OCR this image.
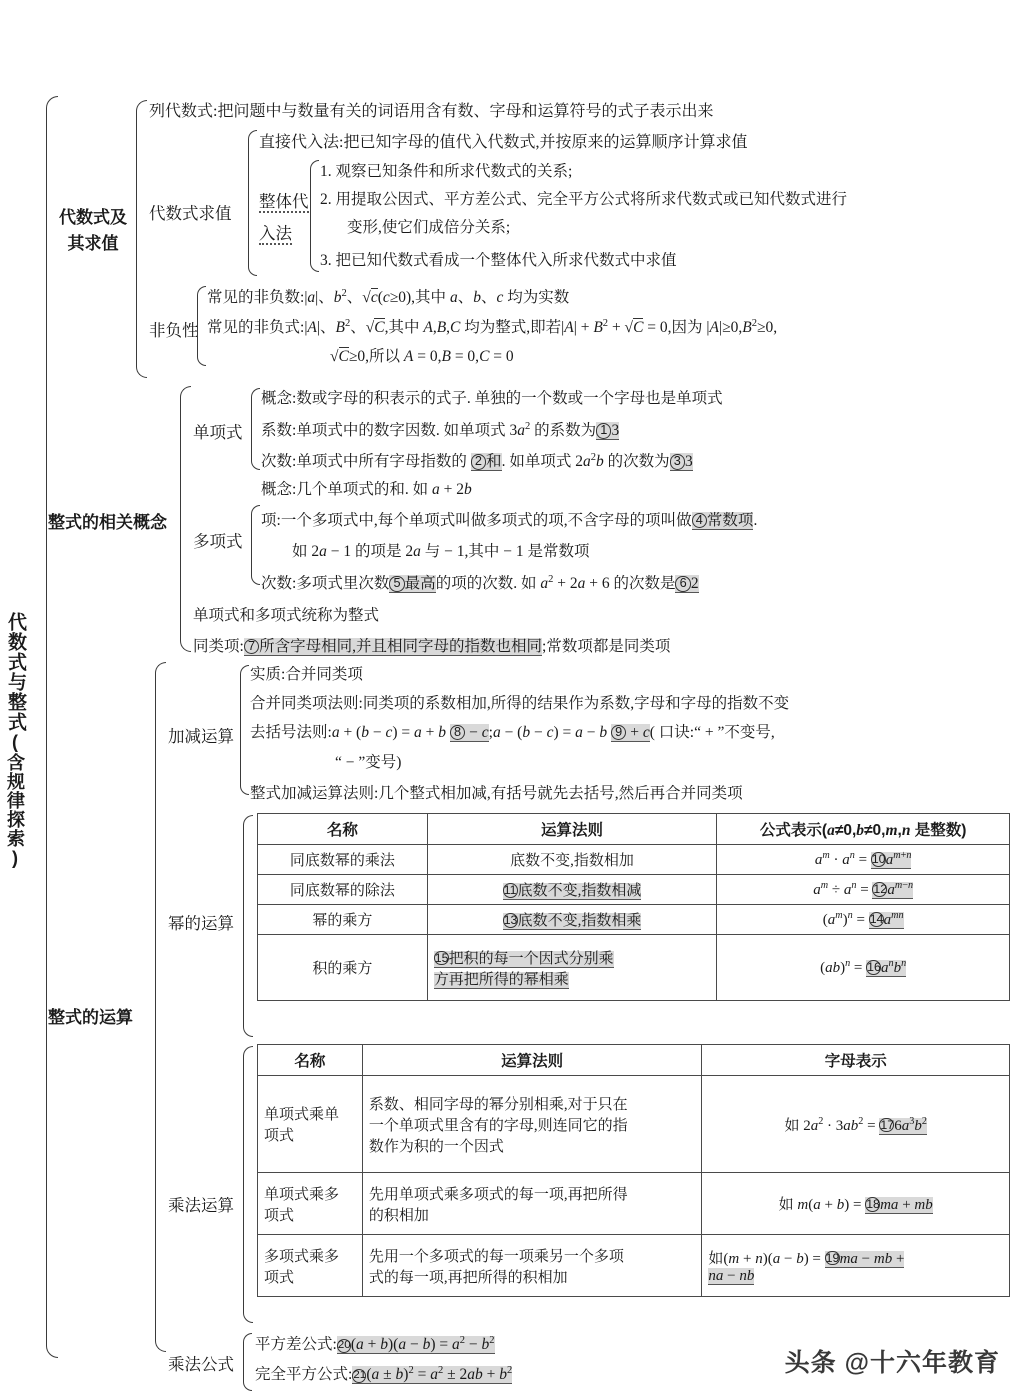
代数式与整式(含规律探索)
代数式及
其求值
列代数式:把问题中与数量有关的词语用含有数、字母和运算符号的式子表示出来
代数式求值
直接代入法:把已知字母的值代入代数式,并按原来的运算顺序计算求值
整体代
入法
1. 观察已知条件和所求代数式的关系;
2. 用提取公因式、平方差公式、完全平方公式将所求代数式或已知代数式进行
变形,使它们成倍分关系;
3. 把已知代数式看成一个整体代入所求代数式中求值
非负性
常见的非负数:|a|、$b^2$、√c(c≥0),其中 a、b、c 均为实数
常见的非负式:|A|、$B^2$、√C,其中 A,B,C 均为整式,即若$|A| + B^2 + √C = 0$,因为 $|A|\ge 0,B^2\ge 0$,
√C≥0,所以 A = 0,B = 0,C = 0
整式的相关概念
单项式
概念:数或字母的积表示的式子. 单独的一个数或一个字母也是单项式
系数:单项式中的数字因数. 如单项式 $3a^2$ 的系数为 1 3
次数:单项式中所有字母指数的 2 和. 如单项式 $2a^2b$ 的次数为 3 3
多项式
概念:几个单项式的和. 如 a + 2b
项:一个多项式中,每个单项式叫做多项式的项,不含字母的项叫做 4 常数项.
如 2a − 1 的项是 2a 与 − 1,其中 − 1 是常数项
次数:多项式里次数 5 最高的项的次数. 如 $a^2 + 2a + 6$ 的次数是 6 2
单项式和多项式统称为整式
同类项: 7 所含字母相同,并且相同字母的指数也相同;常数项都是同类项
整式的运算
加减运算
实质:合并同类项
合并同类项法则:同类项的系数相加,所得的结果作为系数,字母和字母的指数不变
去括号法则:a + (b − c) = a + b 8 − c;a − (b − c) = a − b 9 + c( 口诀:“ + ”不变号,
“ − ”变号)
整式加减运算法则:几个整式相加减,有括号就先去括号,然后再合并同类项
幂的运算
名称	运算法则	公式表示(a≠0,b≠0,m,n 是整数)
同底数幂的乘法	底数不变,指数相加	$a^m \cdot a^n = 10a^{m+n}$
同底数幂的除法	11底数不变,指数相减	$a^m \div a^n = 12a^{m-n}$
幂的乘方	13底数不变,指数相乘	$(a^m)^n = 14a^{mn}$
积的乘方	15把积的每一个因式分别乘
方再把所得的幂相乘	$(ab)^n = 16a^nb^n$
乘法运算
名称	运算法则	字母表示
单项式乘单
项式	系数、相同字母的幂分别相乘,对于只在
一个单项式里含有的字母,则连同它的指
数作为积的一个因式	如 $2a^2 \cdot 3ab^2 = 176a^3b^2$
单项式乘多
项式	先用单项式乘多项式的每一项,再把所得
的积相加	如 m(a + b) = 18ma + mb
多项式乘多
项式	先用一个多项式的每一项乘另一个多项
式的每一项,再把所得的积相加	如(m + n)(a − b) = 19ma − mb +
na − nb
乘法公式
平方差公式:20(a + $b)(a - b) = a^2 - b^2$
完全平方公式:21(a ± $b)^2 = a^2 \pm 2ab + b^2$	头条 @十六年教育
